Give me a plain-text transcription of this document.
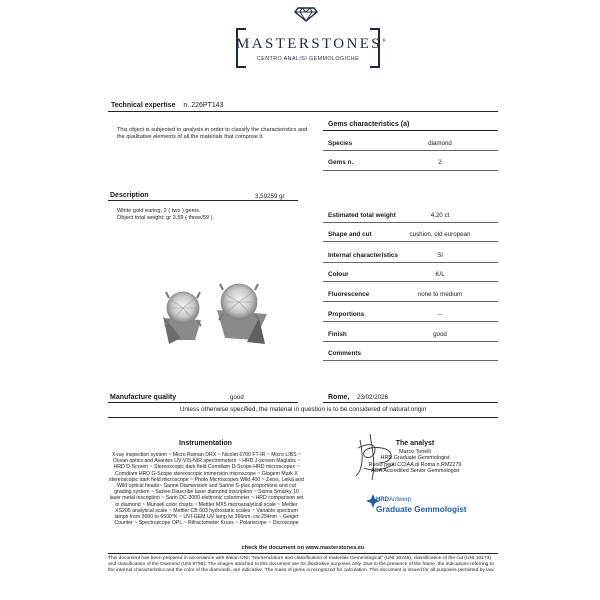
MASTERSTONES®
CENTRO ANALISI GEMMOLOGICHE
Technical expertise n. 226PT143
This object is subjected to analysis in order to classify the characteristics and the qualitative elements of all the materials that compose it.
Description	3,59259 gr
White gold earing, 2 ( two ) gems.
Object total weight: gr 3,59 ( three/59 ).
Manufacture quality	good
Gems characteristics (a)
Species	diamond
Gems n.	2
Estimated total weight	4,20 ct
Shape and cut	cushion, old european
Internal characteristics	SI
Colour	K/L
Fluorescence	none to medium
Proportions	--
Finish	good
Comments
Rome, 23/02/2026
Unless otherwise specified, the material in question is to be considered of natural origin
Instrumentation
X-ray inspection system ~ Micro Raman DRX ~ Nicolet 6700 FT-IR ~ Micro LIBS ~ Ocean optics and Avantes UV-VIS-NIR spectrometers ~ HRD J-screen Maglabs ~ HRD D-Screen ~ Stereoscopic dark field Comdiam D-Scope HRD microscopes ~ Comdiam HRD G-Scope stereoscopic immersion microscope ~ Giagem Mark X stereoscopic dark field microscope ~ Photo Microscopes Wild 400 ~ Zeiss, Leika and Wild optical heads~ Sarine Diamension and Sarine S-plus proportions and cut grading system ~ Sarine Diascribe laser diamond inscription ~ Sisma Smarky 10 laser metal inscription ~ Sarin DC-3000 elettronic colorimeter ~ HRD comparison set in diamond ~ Munsell color charts ~ Mettler MX5 microanalytical scale ~ Mettler XS205 analytical scale ~ Mettler CB 603 hydrostatic scales ~ Variable spectrum lamps from 3000 to 6500°K ~ UVI-GEM UV lamp lw 366nm, cw 254nm ~ Geiger Counter ~ Spectroscope OPL ~ Rifractometer Kruss ~ Polariscope ~ Dicroscope
The analyst
Marco Tonelli
HRD Graduate Gemmologist
Ruolo periti CCIAA di Roma n.RM2279
AGA Accredited Senior Gemmologist
HRDAntwerp
Graduate Gemmologist
check the document on www.masterstones.eu
This document has been prepared in accordance with Italian UNI: "Nomenclature and classification of materials Gemmological" (UNI 10245), classification of the cut (UNI 10173) and classification of the Diamond (UNI 9758). The images attached to this document are for illustrative purposes only. Due to the presence of the frame, the indications referring to the internal characteristics and the color of the diamonds, are indicative. The mass of gems is recognized for calculation. This document is issued for all purposes permitted by law.
